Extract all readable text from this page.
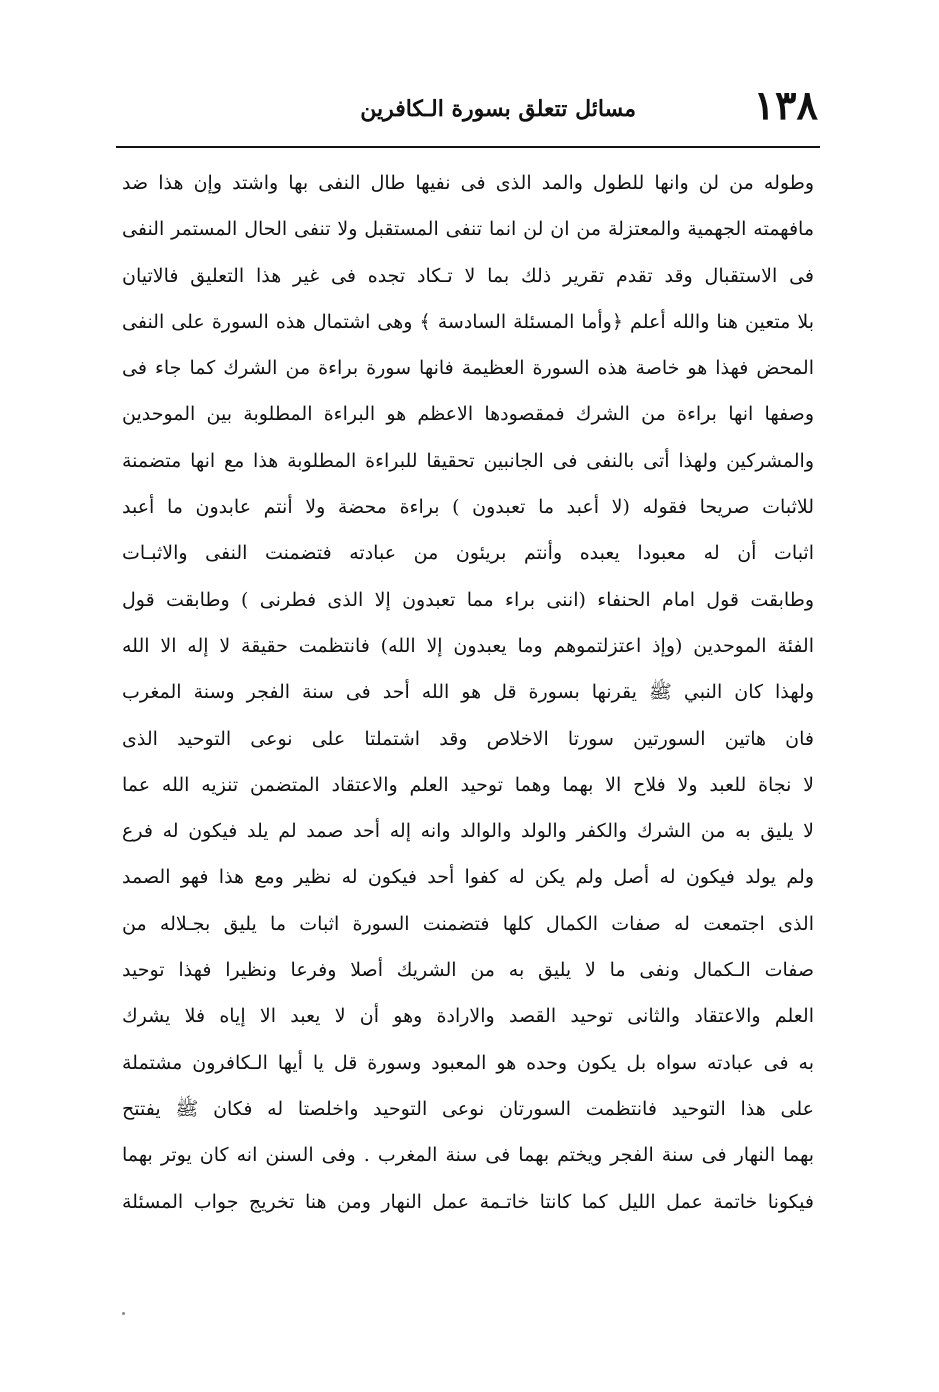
١٣٨
مسائل تتعلق بسورة الـكافرين
وطوله من لن وانها للطول والمد الذى فى نفيها طال النفى بها واشتد وإن هذا ضد
مافهمته الجهمية والمعتزلة من ان لن انما تنفى المستقبل ولا تنفى الحال المستمر النفى
فى الاستقبال وقد تقدم تقرير ذلك بما لا تـكاد تجده فى غير هذا التعليق فالاتيان
بلا متعين هنا والله أعلم ﴿وأما المسئلة السادسة ﴾ وهى اشتمال هذه السورة على النفى
المحض فهذا هو خاصة هذه السورة العظيمة فانها سورة براءة من الشرك كما جاء فى
وصفها انها براءة من الشرك فمقصودها الاعظم هو البراءة المطلوبة بين الموحدين
والمشركين ولهذا أتى بالنفى فى الجانبين تحقيقا للبراءة المطلوبة هذا مع انها متضمنة
للاثبات صريحا فقوله (لا أعبد ما تعبدون ) براءة محضة ولا أنتم عابدون ما أعبد
اثبات أن له معبودا يعبده وأنتم بريئون من عبادته فتضمنت النفى والاثبـات
وطابقت قول امام الحنفاء (اننى براء مما تعبدون إلا الذى فطرنى ) وطابقت قول
الفئة الموحدين (وإذ اعتزلتموهم وما يعبدون إلا الله) فانتظمت حقيقة لا إله الا الله
ولهذا كان النبي ﷺ يقرنها بسورة قل هو الله أحد فى سنة الفجر وسنة المغرب
فان هاتين السورتين سورتا الاخلاص وقد اشتملتا على نوعى التوحيد الذى
لا نجاة للعبد ولا فلاح الا بهما وهما توحيد العلم والاعتقاد المتضمن تنزيه الله عما
لا يليق به من الشرك والكفر والولد والوالد وانه إله أحد صمد لم يلد فيكون له فرع
ولم يولد فيكون له أصل ولم يكن له كفوا أحد فيكون له نظير ومع هذا فهو الصمد
الذى اجتمعت له صفات الكمال كلها فتضمنت السورة اثبات ما يليق بجـلاله من
صفات الـكمال ونفى ما لا يليق به من الشريك أصلا وفرعا ونظيرا فهذا توحيد
العلم والاعتقاد والثانى توحيد القصد والارادة وهو أن لا يعبد الا إياه فلا يشرك
به فى عبادته سواه بل يكون وحده هو المعبود وسورة قل يا أيها الـكافرون مشتملة
على هذا التوحيد فانتظمت السورتان نوعى التوحيد واخلصتا له فكان ﷺ يفتتح
بهما النهار فى سنة الفجر ويختم بهما فى سنة المغرب . وفى السنن انه كان يوتر بهما
فيكونا خاتمة عمل الليل كما كانتا خاتـمة عمل النهار ومن هنا تخريج جواب المسئلة
